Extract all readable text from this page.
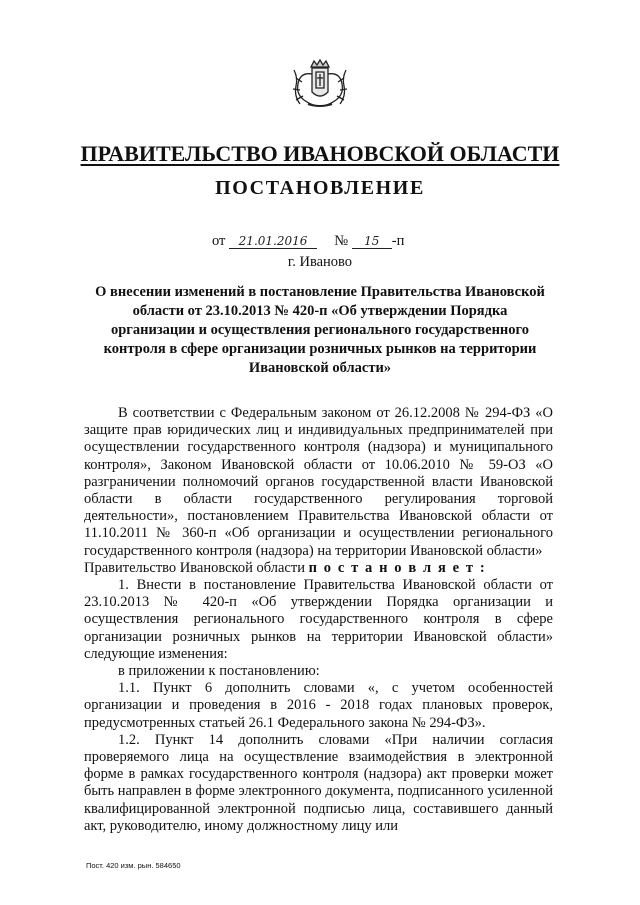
ПРАВИТЕЛЬСТВО ИВАНОВСКОЙ ОБЛАСТИ
ПОСТАНОВЛЕНИЕ
от 21.01.2016 № 15 -п
г. Иваново
О внесении изменений в постановление Правительства Ивановской области от 23.10.2013 № 420-п «Об утверждении Порядка организации и осуществления регионального государственного контроля в сфере организации розничных рынков на территории Ивановской области»

В соответствии с Федеральным законом от 26.12.2008 № 294-ФЗ «О защите прав юридических лиц и индивидуальных предпринимателей при осуществлении государственного контроля (надзора) и муниципального контроля», Законом Ивановской области от 10.06.2010 № 59-ОЗ «О разграничении полномочий органов государственной власти Ивановской области в области государственного регулирования торговой деятельности», постановлением Правительства Ивановской области от 11.10.2011 № 360-п «Об организации и осуществлении регионального государственного контроля (надзора) на территории Ивановской области»

Правительство Ивановской области п о с т а н о в л я е т :

1. Внести в постановление Правительства Ивановской области от 23.10.2013 № 420-п «Об утверждении Порядка организации и осуществления регионального государственного контроля в сфере организации розничных рынков на территории Ивановской области» следующие изменения:

в приложении к постановлению:

1.1. Пункт 6 дополнить словами «, с учетом особенностей организации и проведения в 2016 - 2018 годах плановых проверок, предусмотренных статьей 26.1 Федерального закона № 294-ФЗ».

1.2. Пункт 14 дополнить словами «При наличии согласия проверяемого лица на осуществление взаимодействия в электронной форме в рамках государственного контроля (надзора) акт проверки может быть направлен в форме электронного документа, подписанного усиленной квалифицированной электронной подписью лица, составившего данный акт, руководителю, иному должностному лицу или

Пост. 420 изм. рын. 584650
